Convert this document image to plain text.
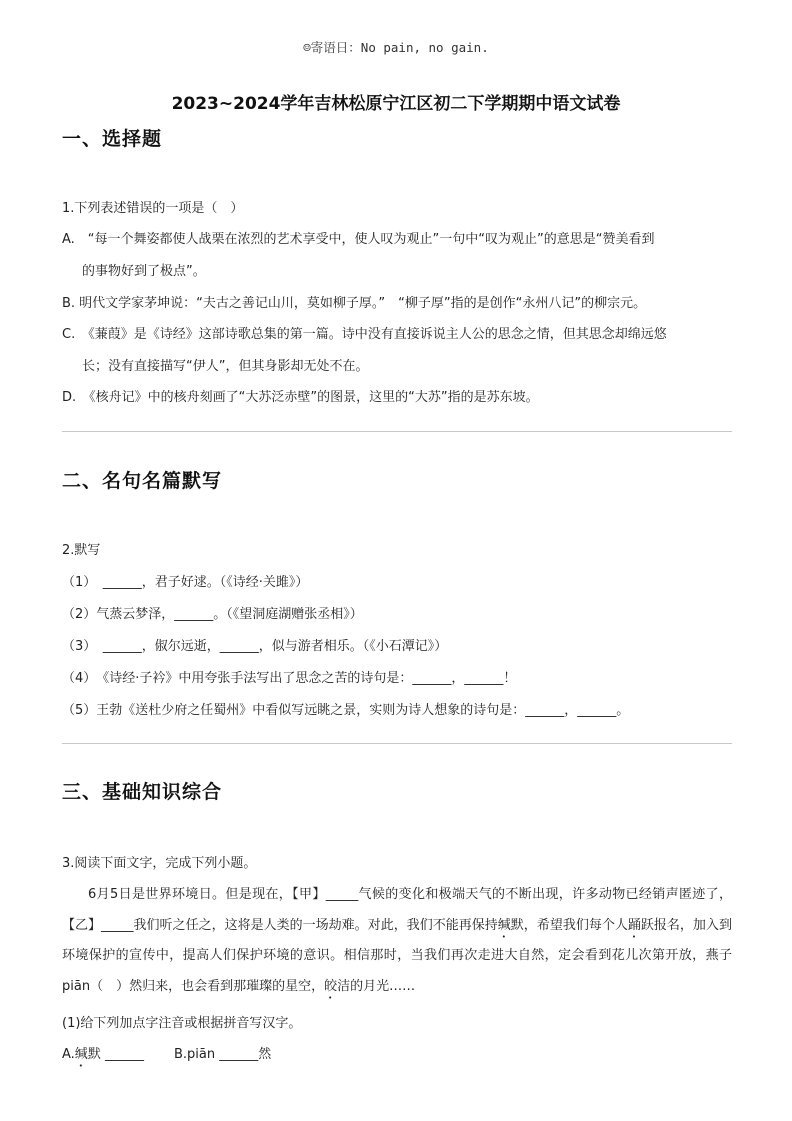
☺寄语日：No pain, no gain.
2023~2024学年吉林松原宁江区初二下学期期中语文试卷
一、选择题
1.下列表述错误的一项是（　）
A.　“每一个舞姿都使人战栗在浓烈的艺术享受中，使人叹为观止”一句中“叹为观止”的意思是“赞美看到
的事物好到了极点”。
B. 明代文学家茅坤说：“夫古之善记山川，莫如柳子厚。”　“柳子厚”指的是创作“永州八记”的柳宗元。
C.　《蒹葭》是《诗经》这部诗歌总集的第一篇。诗中没有直接诉说主人公的思念之情，但其思念却绵远悠
长；没有直接描写“伊人”，但其身影却无处不在。
D.　《核舟记》中的核舟刻画了“大苏泛赤壁”的图景，这里的“大苏”指的是苏东坡。
二、名句名篇默写
2.默写
（1）　______，君子好逑。（《诗经·关雎》）
（2）气蒸云梦泽，______。（《望洞庭湖赠张丞相》）
（3）　______，俶尔远逝，______，似与游者相乐。（《小石潭记》）
（4）　《诗经·子衿》中用夸张手法写出了思念之苦的诗句是：______，______！
（5）王勃《送杜少府之任蜀州》中看似写远眺之景，实则为诗人想象的诗句是：______，______。
三、基础知识综合
3.阅读下面文字，完成下列小题。
6月5日是世界环境日。但是现在，【甲】_____气候的变化和极端天气的不断出现，许多动物已经销声匿迹了，【乙】_____我们听之任之，这将是人类的一场劫难。对此，我们不能再保持缄默，希望我们每个人踊跃报名，加入到环境保护的宣传中，提高人们保护环境的意识。相信那时，当我们再次走进大自然，定会看到花儿次第开放，燕子piān（　）然归来，也会看到那璀璨的星空，皎洁的月光……
(1)给下列加点字注音或根据拼音写汉字。
A.缄默 ______ B.piān ______然
